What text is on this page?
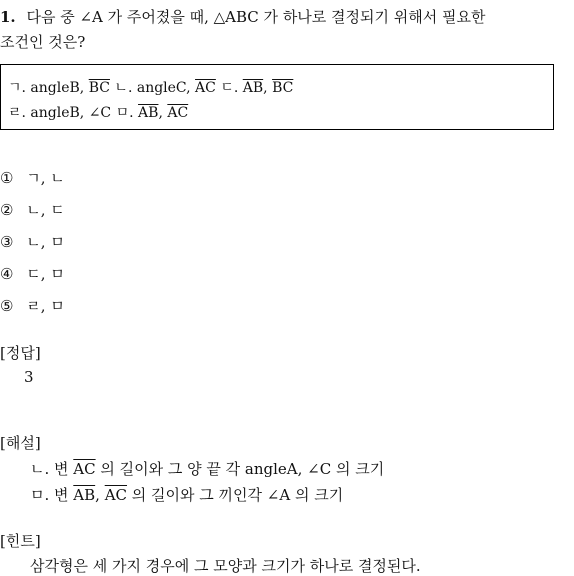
1. 다음 중 ∠A 가 주어졌을 때, △ABC 가 하나로 결정되기 위해서 필요한
조건인 것은?
ㄱ. angleB, $\overline{BC}$ ㄴ. angleC, $\overline{AC}$ ㄷ. $\overline{AB}$, $\overline{BC}$
ㄹ. angleB, ∠C ㅁ. $\overline{AB}$, $\overline{AC}$
① ㄱ, ㄴ
② ㄴ, ㄷ
③ ㄴ, ㅁ
④ ㄷ, ㅁ
⑤ ㄹ, ㅁ
[정답]
3
[해설]
ㄴ. 변 $\overline{AC}$ 의 길이와 그 양 끝 각 angleA, ∠C 의 크기
ㅁ. 변 $\overline{AB}$, $\overline{AC}$ 의 길이와 그 끼인각 ∠A 의 크기
[힌트]
삼각형은 세 가지 경우에 그 모양과 크기가 하나로 결정된다.
